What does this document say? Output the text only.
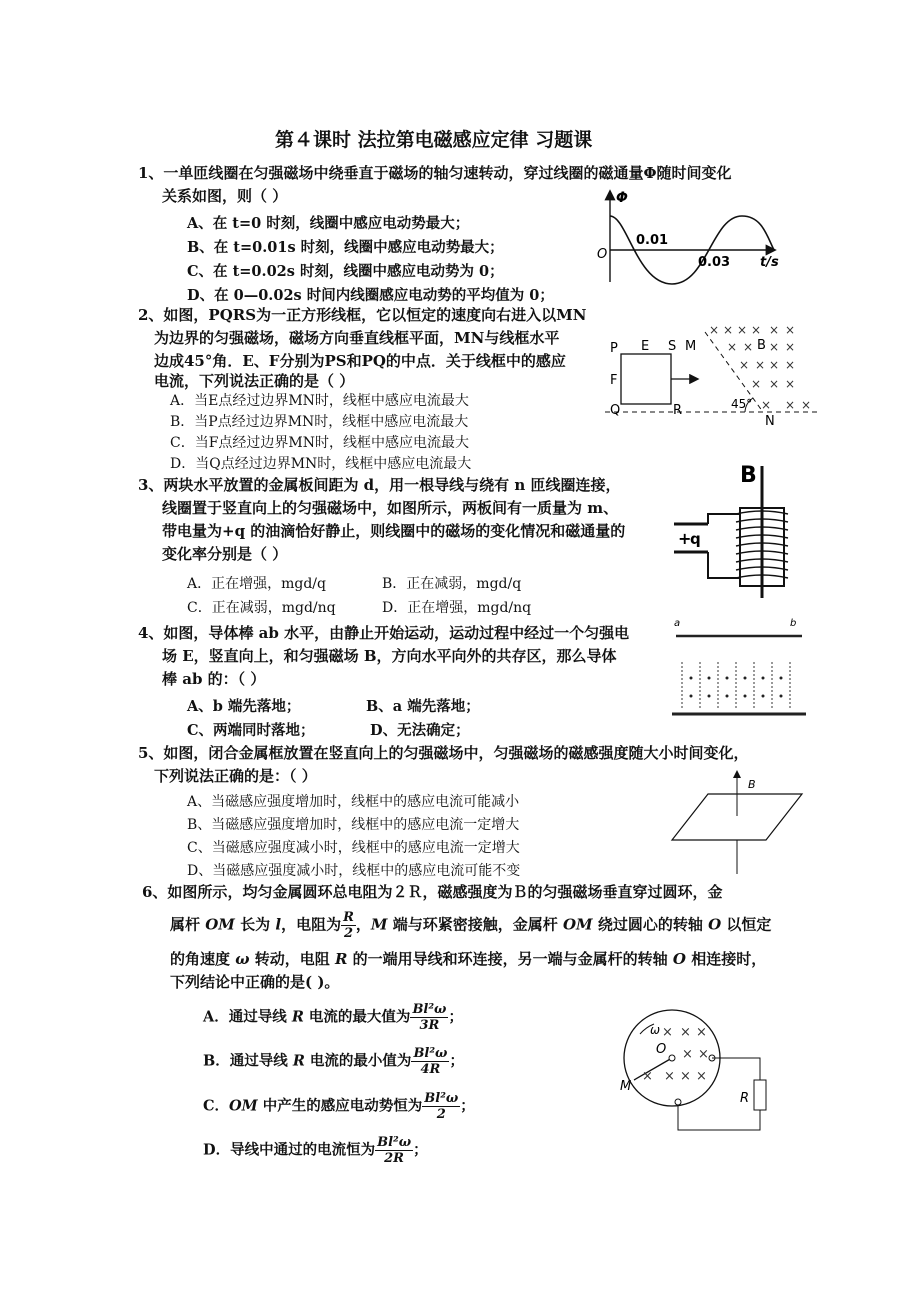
第４课时 法拉第电磁感应定律 习题课
1、一单匝线圈在匀强磁场中绕垂直于磁场的轴匀速转动，穿过线圈的磁通量Φ随时间变化
关系如图，则（ ）
A、在 t=0 时刻，线圈中感应电动势最大；
B、在 t=0.01s 时刻，线圈中感应电动势最大；
C、在 t=0.02s 时刻，线圈中感应电动势为 0；
D、在 0—0.02s 时间内线圈感应电动势的平均值为 0；
Φ
O
0.01
0.03 t/s
2、如图，PQRS为一正方形线框，它以恒定的速度向右进入以MN
为边界的匀强磁场，磁场方向垂直线框平面，MN与线框水平
边成45°角．E、F分别为PS和PQ的中点．关于线框中的感应
电流，下列说法正确的是（ ）
A．当E点经过边界MN时，线框中感应电流最大
B．当P点经过边界MN时，线框中感应电流最大
C．当F点经过边界MN时，线框中感应电流最大
D．当Q点经过边界MN时，线框中感应电流最大
× × × × × ×
× × × ×
× × × ×
× × ×
× × ×
P E S M
F
Q	R
B
N
45°
3、两块水平放置的金属板间距为 d，用一根导线与绕有 n 匝线圈连接，
线圈置于竖直向上的匀强磁场中，如图所示，两板间有一质量为 m、
带电量为+q 的油滴恰好静止，则线圈中的磁场的变化情况和磁通量的
变化率分别是（ ）
A．正在增强，mgd/q	B．正在减弱，mgd/q
C．正在减弱，mgd/nq	D．正在增强，mgd/nq
B
+
q
4、如图，导体棒 ab 水平，由静止开始运动，运动过程中经过一个匀强电
场 E，竖直向上，和匀强磁场 B，方向水平向外的共存区，那么导体
棒 ab 的：（ ）
A、b 端先落地；	B、a 端先落地；
C、两端同时落地；	D、无法确定；
a	b
5、如图，闭合金属框放置在竖直向上的匀强磁场中，匀强磁场的磁感强度随大小时间变化，
下列说法正确的是：（ ）
A、当磁感应强度增加时，线框中的感应电流可能减小
B、当磁感应强度增加时，线框中的感应电流一定增大
C、当磁感应强度减小时，线框中的感应电流一定增大
D、当磁感应强度减小时，线框中的感应电流可能不变
B
6、如图所示，均匀金属圆环总电阻为２Ｒ，磁感强度为Ｂ的匀强磁场垂直穿过圆环，金
属杆 OM 长为 l，电阻为 $\frac{R}{2}$ ，M 端与环紧密接触，金属杆 OM 绕过圆心的转轴 O 以恒定
的角速度 ω 转动，电阻 R 的一端用导线和环连接，另一端与金属杆的转轴 O 相连接时，
下列结论中正确的是( )。
A．通过导线 R 电流的最大值为 $\frac{\text{Bl²ω}}{3R}$ ；
B．通过导线 R 电流的最小值为 $\frac{\text{Bl²ω}}{4R}$ ；
C．OM 中产生的感应电动势恒为 $\frac{\text{Bl²ω}}{2}$ ；
D．导线中通过的电流恒为 $\frac{\text{Bl²ω}}{2R}$ ；
× × ×
× ×
× × × ×
ω
O
M
R
